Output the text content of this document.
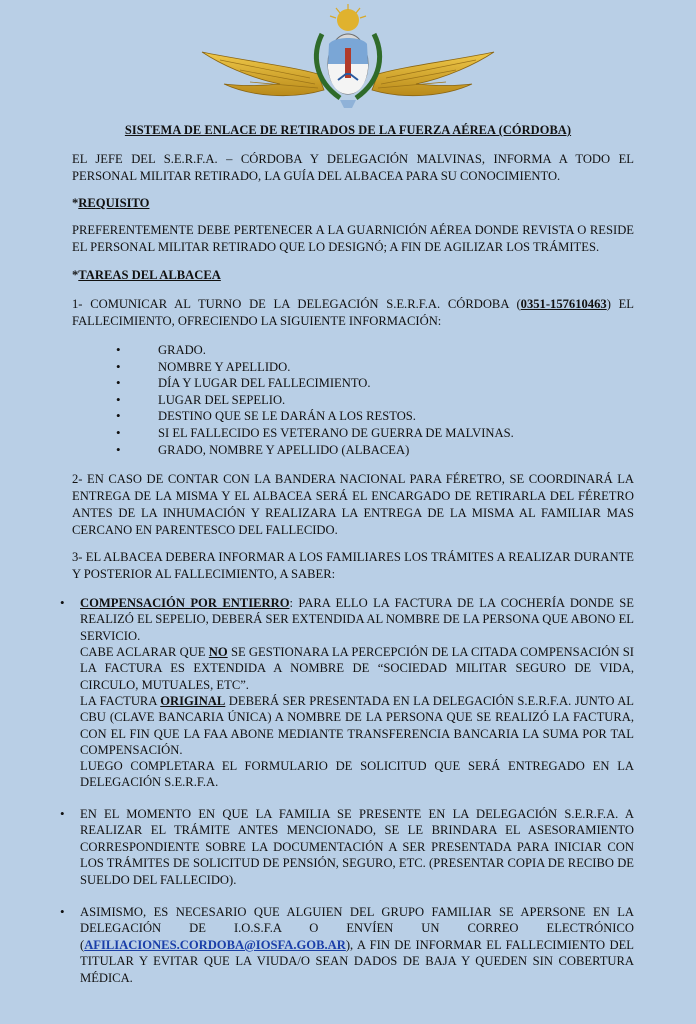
SISTEMA DE ENLACE DE RETIRADOS DE LA FUERZA AÉREA (CÓRDOBA)
EL JEFE DEL S.E.R.F.A. – CÓRDOBA Y DELEGACIÓN MALVINAS, INFORMA A TODO EL PERSONAL MILITAR RETIRADO, LA GUÍA DEL ALBACEA PARA SU CONOCIMIENTO.
*REQUISITO
PREFERENTEMENTE DEBE PERTENECER A LA GUARNICIÓN AÉREA DONDE REVISTA O RESIDE EL PERSONAL MILITAR RETIRADO QUE LO DESIGNÓ; A FIN DE AGILIZAR LOS TRÁMITES.
*TAREAS DEL ALBACEA
1- COMUNICAR AL TURNO DE LA DELEGACIÓN S.E.R.F.A. CÓRDOBA (0351-157610463) EL FALLECIMIENTO, OFRECIENDO LA SIGUIENTE INFORMACIÓN:
• GRADO.
• NOMBRE Y APELLIDO.
• DÍA Y LUGAR DEL FALLECIMIENTO.
• LUGAR DEL SEPELIO.
• DESTINO QUE SE LE DARÁN A LOS RESTOS.
• SI EL FALLECIDO ES VETERANO DE GUERRA DE MALVINAS.
• GRADO, NOMBRE Y APELLIDO (ALBACEA)
2- EN CASO DE CONTAR CON LA BANDERA NACIONAL PARA FÉRETRO, SE COORDINARÁ LA ENTREGA DE LA MISMA Y EL ALBACEA SERÁ EL ENCARGADO DE RETIRARLA DEL FÉRETRO ANTES DE LA INHUMACIÓN Y REALIZARA LA ENTREGA DE LA MISMA AL FAMILIAR MAS CERCANO EN PARENTESCO DEL FALLECIDO.
3- EL ALBACEA DEBERA INFORMAR A LOS FAMILIARES LOS TRÁMITES A REALIZAR DURANTE Y POSTERIOR AL FALLECIMIENTO, A SABER:
• COMPENSACIÓN POR ENTIERRO: PARA ELLO LA FACTURA DE LA COCHERÍA DONDE SE REALIZÓ EL SEPELIO, DEBERÁ SER EXTENDIDA AL NOMBRE DE LA PERSONA QUE ABONO EL SERVICIO.
CABE ACLARAR QUE NO SE GESTIONARA LA PERCEPCIÓN DE LA CITADA COMPENSACIÓN SI LA FACTURA ES EXTENDIDA A NOMBRE DE “SOCIEDAD MILITAR SEGURO DE VIDA, CIRCULO, MUTUALES, ETC”.
LA FACTURA ORIGINAL DEBERÁ SER PRESENTADA EN LA DELEGACIÓN S.E.R.F.A. JUNTO AL CBU (CLAVE BANCARIA ÚNICA) A NOMBRE DE LA PERSONA QUE SE REALIZÓ LA FACTURA, CON EL FIN QUE LA FAA ABONE MEDIANTE TRANSFERENCIA BANCARIA LA SUMA POR TAL COMPENSACIÓN.
LUEGO COMPLETARA EL FORMULARIO DE SOLICITUD QUE SERÁ ENTREGADO EN LA DELEGACIÓN S.E.R.F.A.
• EN EL MOMENTO EN QUE LA FAMILIA SE PRESENTE EN LA DELEGACIÓN S.E.R.F.A. A REALIZAR EL TRÁMITE ANTES MENCIONADO, SE LE BRINDARA EL ASESORAMIENTO CORRESPONDIENTE SOBRE LA DOCUMENTACIÓN A SER PRESENTADA PARA INICIAR CON LOS TRÁMITES DE SOLICITUD DE PENSIÓN, SEGURO, ETC. (PRESENTAR COPIA DE RECIBO DE SUELDO DEL FALLECIDO).
• ASIMISMO, ES NECESARIO QUE ALGUIEN DEL GRUPO FAMILIAR SE APERSONE EN LA DELEGACIÓN DE I.O.S.F.A O ENVÍEN UN CORREO ELECTRÓNICO (AFILIACIONES.CORDOBA@IOSFA.GOB.AR), A FIN DE INFORMAR EL FALLECIMIENTO DEL TITULAR Y EVITAR QUE LA VIUDA/O SEAN DADOS DE BAJA Y QUEDEN SIN COBERTURA MÉDICA.
